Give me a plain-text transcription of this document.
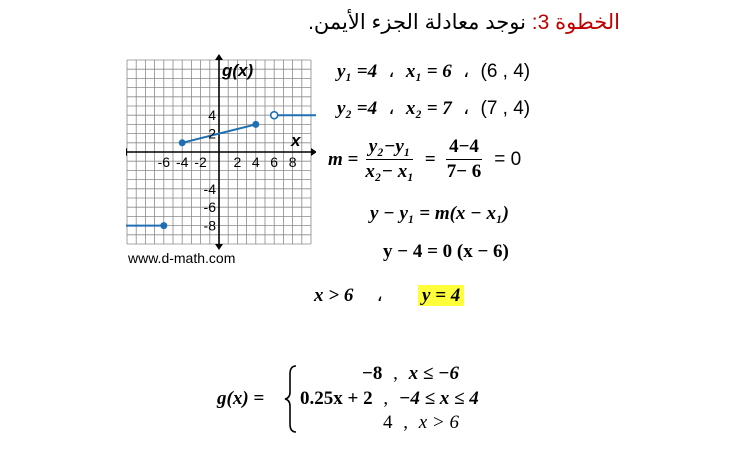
الخطوة 3: نوجد معادلة الجزء الأيمن.
g(x)
x
-6 -4 -2 2 4 6 8
4
2
-4
-6
-8
www.d-math.com
y₁ =4 ، x₁ = 6 ، (6 , 4)
y₂ =4 ، x₂ = 7 ، (7 , 4)
$m = \frac{\text{y₂−y₁}}{\text{x₂− x₁}} = \frac{4-4}{7- 6} = 0$
y − y₁ = m(x − x₁)
y − 4 = 0 (x − 6)
x > 6 ، y = 4
g(x) =
−8 , x ≤ −6
0.25x + 2 , −4 ≤ x ≤ 4
4 , x > 6
